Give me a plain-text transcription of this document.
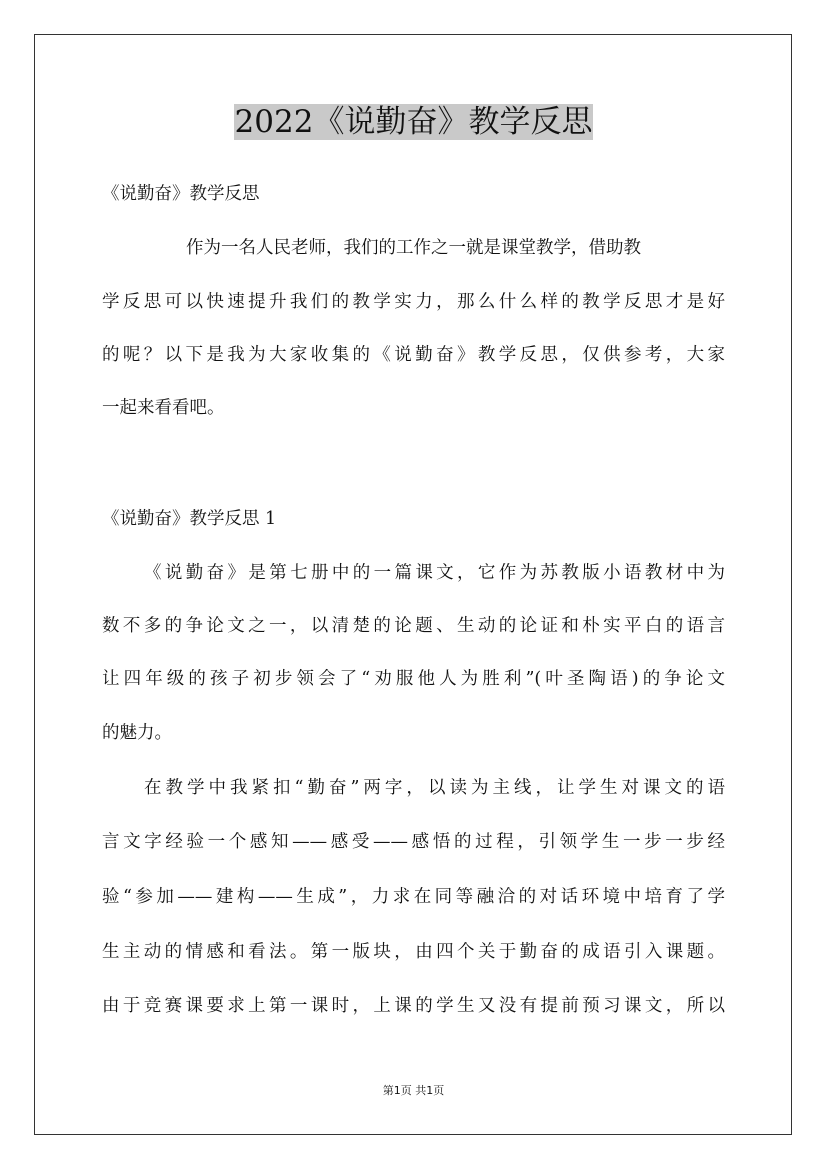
2022《说勤奋》教学反思

《说勤奋》教学反思

作为一名人民老师，我们的工作之一就是课堂教学，借助教

学反思可以快速提升我们的教学实力，那么什么样的教学反思才是好

的呢？以下是我为大家收集的《说勤奋》教学反思，仅供参考，大家

一起来看看吧。

《说勤奋》教学反思 1

《说勤奋》是第七册中的一篇课文，它作为苏教版小语教材中为

数不多的争论文之一，以清楚的论题、生动的论证和朴实平白的语言

让四年级的孩子初步领会了“劝服他人为胜利”(叶圣陶语)的争论文

的魅力。

在教学中我紧扣“勤奋”两字，以读为主线，让学生对课文的语

言文字经验一个感知——感受——感悟的过程，引领学生一步一步经

验“参加——建构——生成”，力求在同等融洽的对话环境中培育了学

生主动的情感和看法。第一版块，由四个关于勤奋的成语引入课题。

由于竞赛课要求上第一课时，上课的学生又没有提前预习课文，所以

第1页 共1页
